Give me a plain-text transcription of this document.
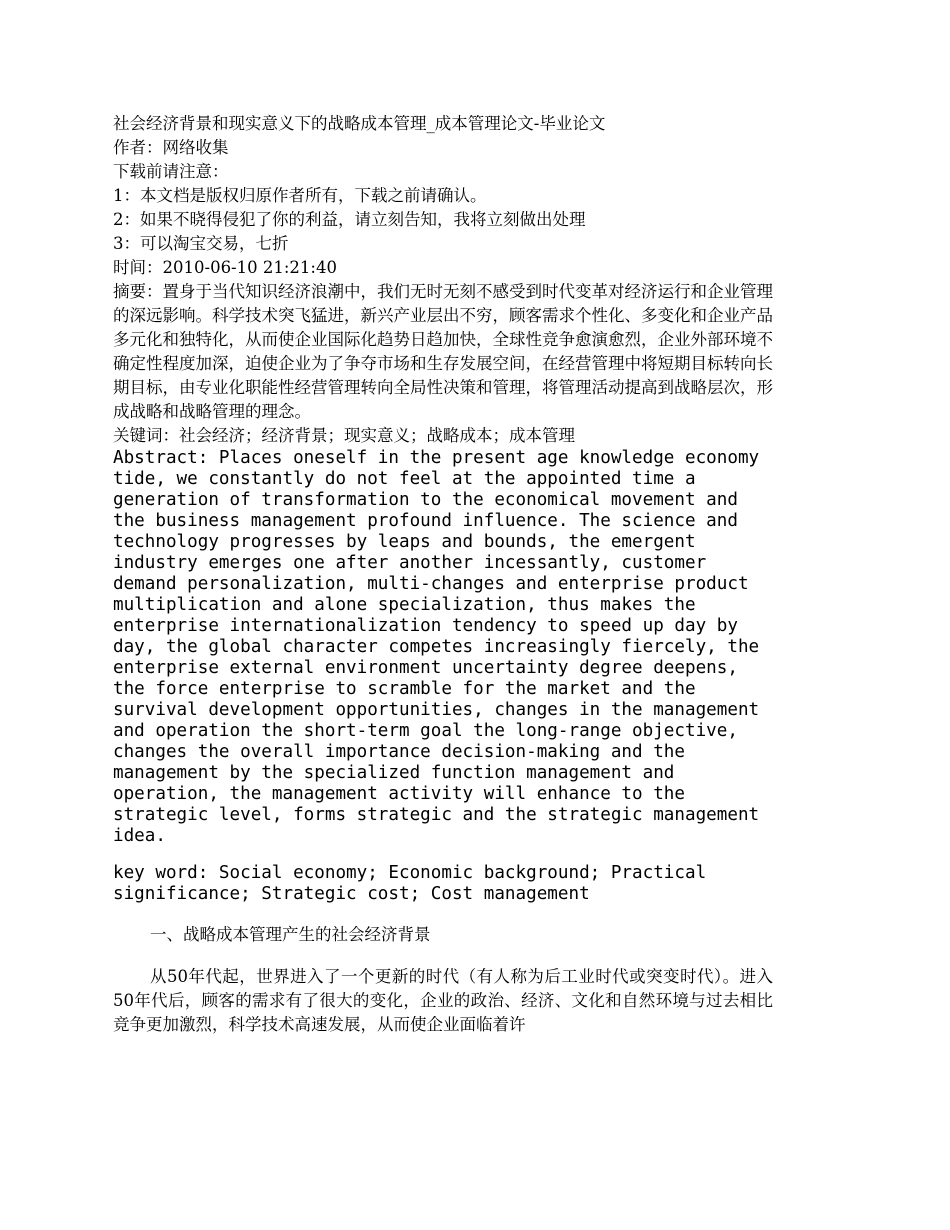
社会经济背景和现实意义下的战略成本管理_成本管理论文-毕业论文
作者：网络收集
下载前请注意：
1：本文档是版权归原作者所有，下载之前请确认。
2：如果不晓得侵犯了你的利益，请立刻告知，我将立刻做出处理
3：可以淘宝交易，七折
时间：2010-06-10 21:21:40
摘要：置身于当代知识经济浪潮中，我们无时无刻不感受到时代变革对经济运行和企业管理的深远影响。科学技术突飞猛进，新兴产业层出不穷，顾客需求个性化、多变化和企业产品多元化和独特化，从而使企业国际化趋势日趋加快，全球性竞争愈演愈烈，企业外部环境不确定性程度加深，迫使企业为了争夺市场和生存发展空间，在经营管理中将短期目标转向长期目标，由专业化职能性经营管理转向全局性决策和管理，将管理活动提高到战略层次，形成战略和战略管理的理念。
关键词：社会经济；经济背景；现实意义；战略成本；成本管理
Abstract: Places oneself in the present age knowledge economy tide, we constantly do not feel at the appointed time a generation of transformation to the economical movement and the business management profound influence. The science and technology progresses by leaps and bounds, the emergent industry emerges one after another incessantly, customer demand personalization, multi-changes and enterprise product multiplication and alone specialization, thus makes the enterprise internationalization tendency to speed up day by day, the global character competes increasingly fiercely, the enterprise external environment uncertainty degree deepens, the force enterprise to scramble for the market and the survival development opportunities, changes in the management and operation the short-term goal the long-range objective, changes the overall importance decision-making and the management by the specialized function management and operation, the management activity will enhance to the strategic level, forms strategic and the strategic management idea.
key word: Social economy; Economic background; Practical significance; Strategic cost; Cost management
一、战略成本管理产生的社会经济背景
从50年代起，世界进入了一个更新的时代（有人称为后工业时代或突变时代）。进入50年代后，顾客的需求有了很大的变化，企业的政治、经济、文化和自然环境与过去相比竞争更加激烈，科学技术高速发展，从而使企业面临着许
